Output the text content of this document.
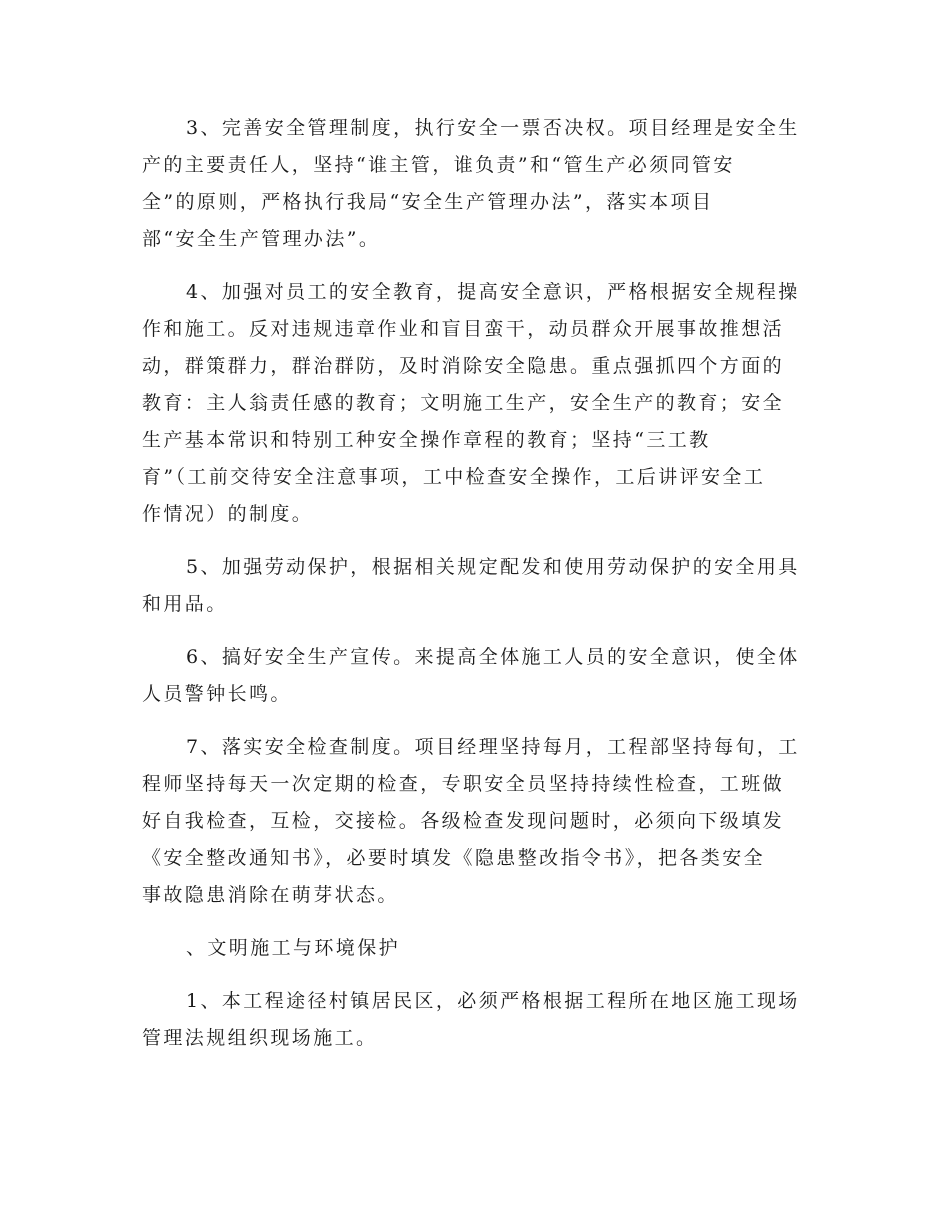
3、完善安全管理制度，执行安全一票否决权。项目经理是安全生
产的主要责任人，坚持“谁主管，谁负责”和“管生产必须同管安
全”的原则，严格执行我局“安全生产管理办法”，落实本项目
部“安全生产管理办法”。

4、加强对员工的安全教育，提高安全意识，严格根据安全规程操
作和施工。反对违规违章作业和盲目蛮干，动员群众开展事故推想活
动，群策群力，群治群防，及时消除安全隐患。重点强抓四个方面的
教育：主人翁责任感的教育；文明施工生产，安全生产的教育；安全
生产基本常识和特别工种安全操作章程的教育；坚持“三工教
育”（工前交待安全注意事项，工中检查安全操作，工后讲评安全工
作情况）的制度。

5、加强劳动保护，根据相关规定配发和使用劳动保护的安全用具
和用品。

6、搞好安全生产宣传。来提高全体施工人员的安全意识，使全体
人员警钟长鸣。

7、落实安全检查制度。项目经理坚持每月，工程部坚持每旬，工
程师坚持每天一次定期的检查，专职安全员坚持持续性检查，工班做
好自我检查，互检，交接检。各级检查发现问题时，必须向下级填发
《安全整改通知书》，必要时填发《隐患整改指令书》，把各类安全
事故隐患消除在萌芽状态。

、文明施工与环境保护

1、本工程途径村镇居民区，必须严格根据工程所在地区施工现场
管理法规组织现场施工。
